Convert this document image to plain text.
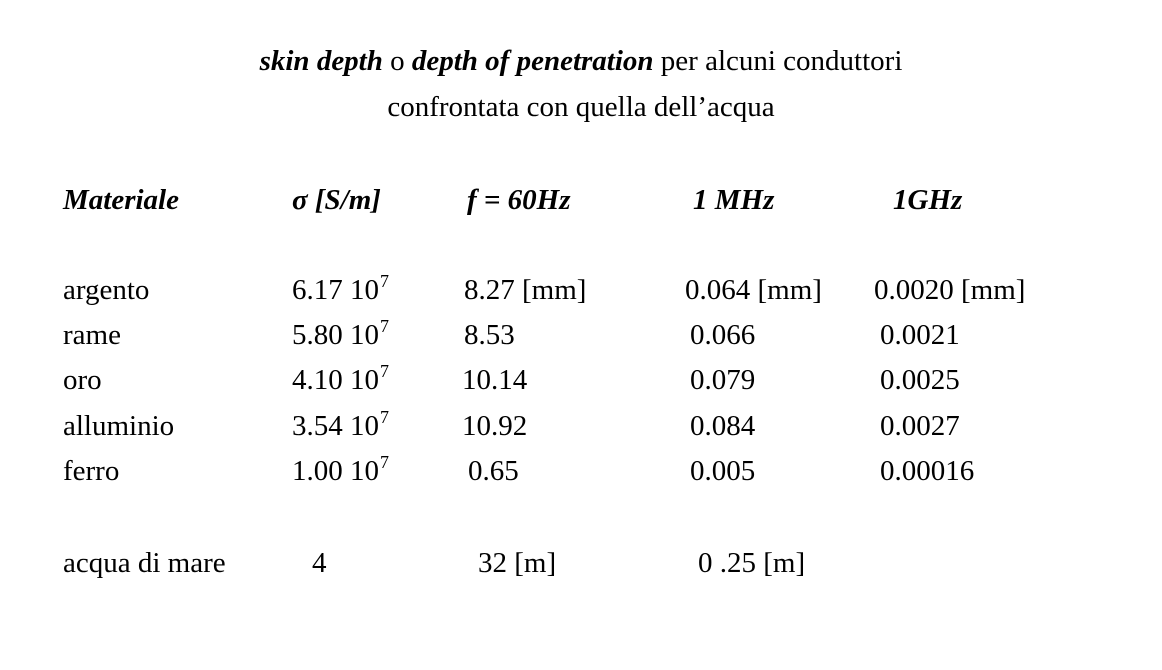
skin depth o depth of penetration per alcuni conduttori
confrontata con quella dell’acqua
Materiale	σ [S/m]	f = 60Hz	1 MHz	1GHz
argento	6.17 $10^7$	8.27 [mm]	0.064 [mm] 0.0020 [mm]
rame	5.80 $10^7$	8.53	0.066	0.0021
oro	4.10 $10^7$	10.14	0.079	0.0025
alluminio	3.54 $10^7$	10.92	0.084	0.0027
ferro	1.00 $10^7$	0.65	0.005	0.00016
acqua di mare	4	32 [m]	0 .25 [m]
